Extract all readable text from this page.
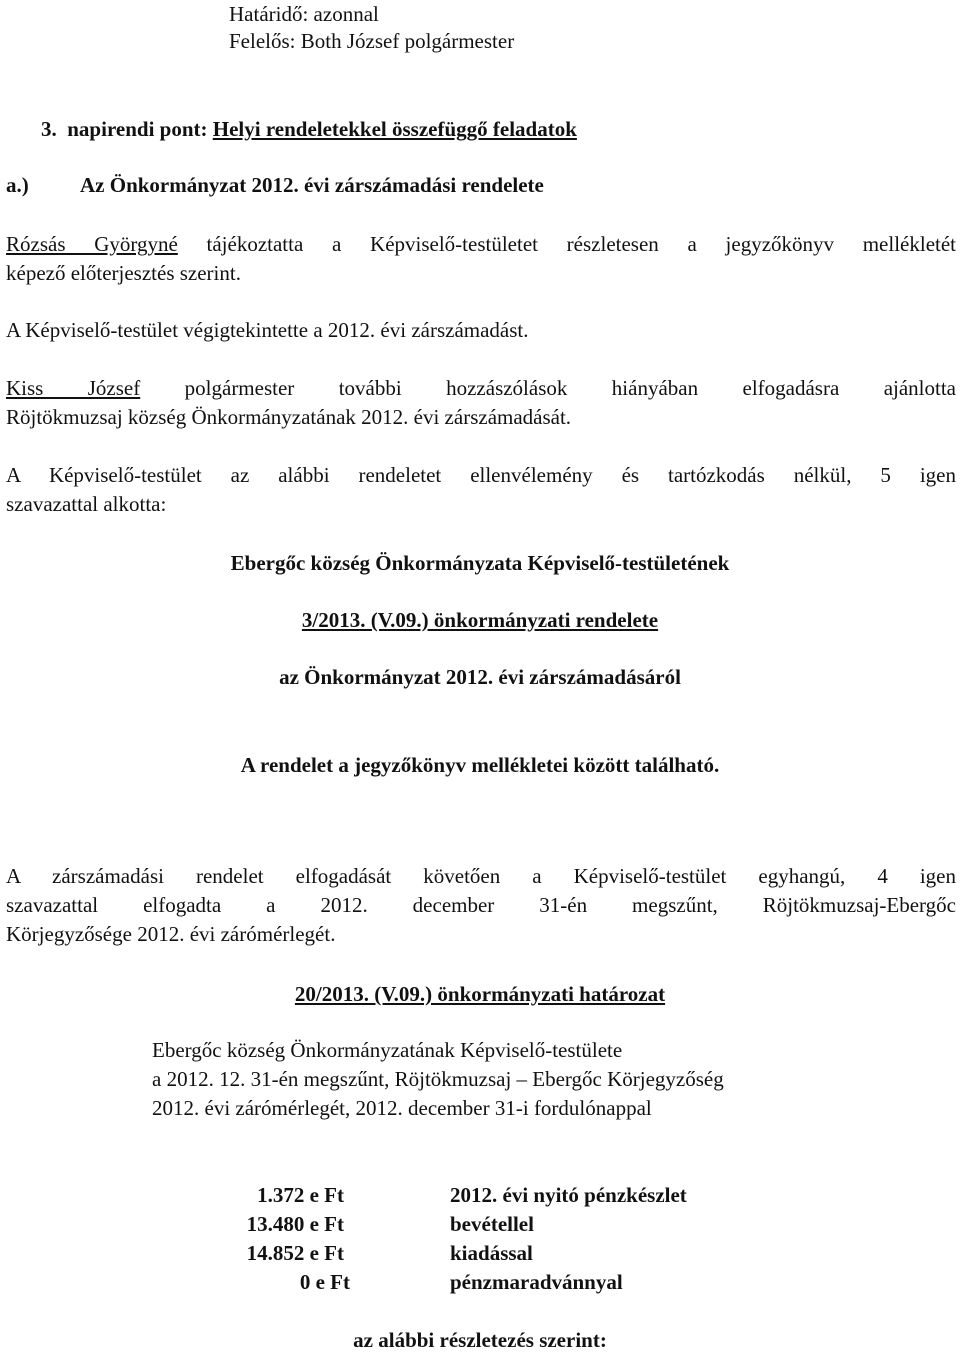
Határidő: azonnal
Felelős: Both József polgármester
3. napirendi pont: Helyi rendeletekkel összefüggő feladatok
a.) Az Önkormányzat 2012. évi zárszámadási rendelete
Rózsás Györgyné tájékoztatta a Képviselő-testületet részletesen a jegyzőkönyv mellékletét
képező előterjesztés szerint.
A Képviselő-testület végigtekintette a 2012. évi zárszámadást.
Kiss József polgármester további hozzászólások hiányában elfogadásra ajánlotta
Röjtökmuzsaj község Önkormányzatának 2012. évi zárszámadását.
A Képviselő-testület az alábbi rendeletet ellenvélemény és tartózkodás nélkül, 5 igen
szavazattal alkotta:
Ebergőc község Önkormányzata Képviselő-testületének
3/2013. (V.09.) önkormányzati rendelete
az Önkormányzat 2012. évi zárszámadásáról
A rendelet a jegyzőkönyv mellékletei között található.
A zárszámadási rendelet elfogadását követően a Képviselő-testület egyhangú, 4 igen
szavazattal elfogadta a 2012. december 31-én megszűnt, Röjtökmuzsaj-Ebergőc
Körjegyzősége 2012. évi zárómérlegét.
20/2013. (V.09.) önkormányzati határozat
Ebergőc község Önkormányzatának Képviselő-testülete
a 2012. 12. 31-én megszűnt, Röjtökmuzsaj – Ebergőc Körjegyzőség
2012. évi zárómérlegét, 2012. december 31-i fordulónappal
1.372 e Ft	2012. évi nyitó pénzkészlet
13.480 e Ft	bevétellel
14.852 e Ft	kiadással
0 e Ft	pénzmaradvánnyal
az alábbi részletezés szerint:
